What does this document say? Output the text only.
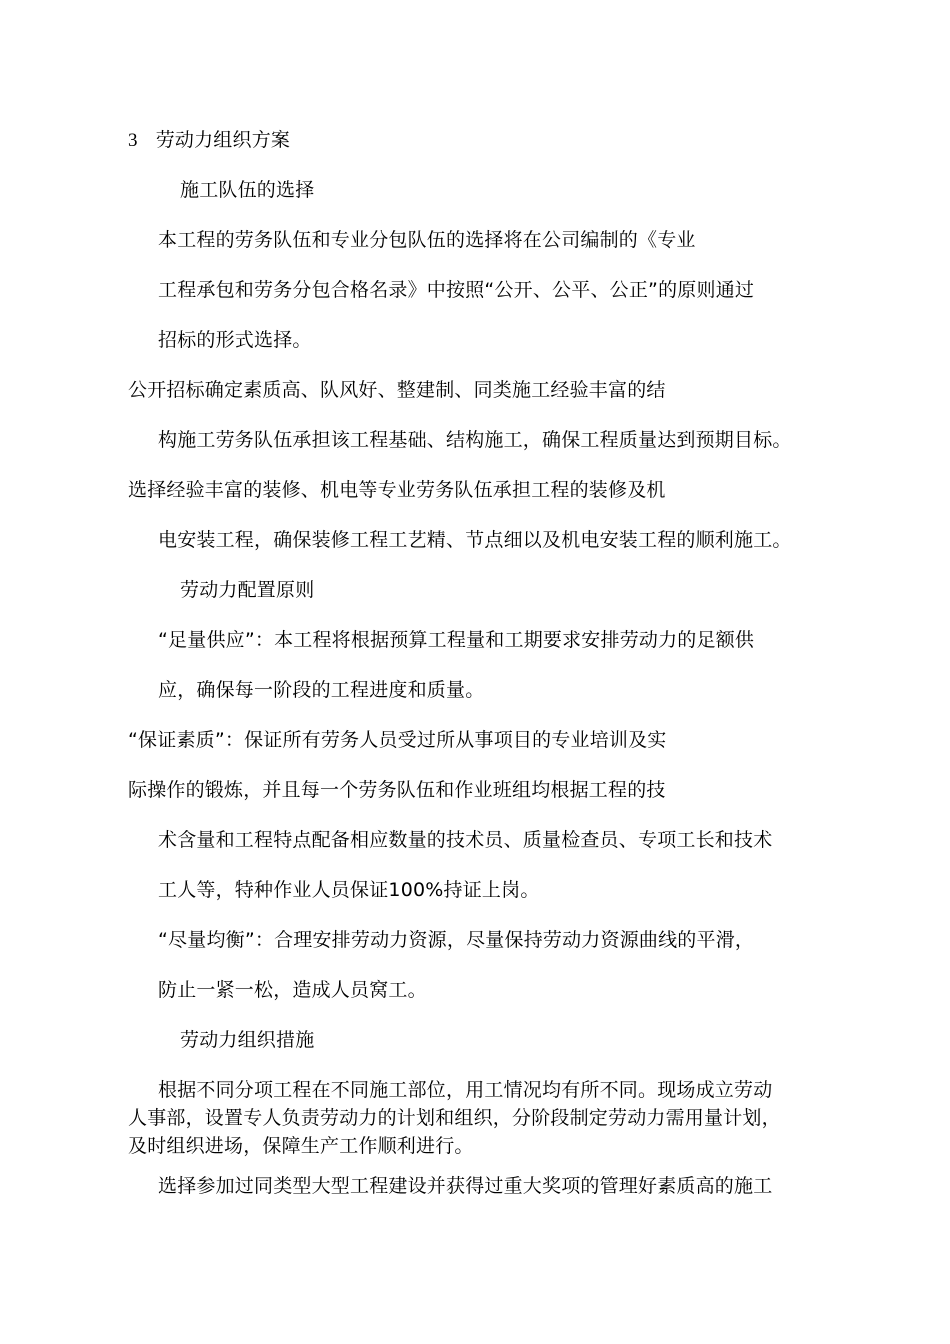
3 劳动力组织方案
施工队伍的选择
本工程的劳务队伍和专业分包队伍的选择将在公司编制的《专业
工程承包和劳务分包合格名录》中按照“公开、公平、公正”的原则通过
招标的形式选择。
公开招标确定素质高、队风好、整建制、同类施工经验丰富的结
构施工劳务队伍承担该工程基础、结构施工，确保工程质量达到预期目标。
选择经验丰富的装修、机电等专业劳务队伍承担工程的装修及机
电安装工程，确保装修工程工艺精、节点细以及机电安装工程的顺利施工。
劳动力配置原则
“足量供应”：本工程将根据预算工程量和工期要求安排劳动力的足额供
应，确保每一阶段的工程进度和质量。
“保证素质”：保证所有劳务人员受过所从事项目的专业培训及实
际操作的锻炼，并且每一个劳务队伍和作业班组均根据工程的技
术含量和工程特点配备相应数量的技术员、质量检查员、专项工长和技术
工人等，特种作业人员保证100%持证上岗。
“尽量均衡”：合理安排劳动力资源，尽量保持劳动力资源曲线的平滑，
防止一紧一松，造成人员窝工。
劳动力组织措施
根据不同分项工程在不同施工部位，用工情况均有所不同。现场成立劳动
人事部，设置专人负责劳动力的计划和组织，分阶段制定劳动力需用量计划，
及时组织进场，保障生产工作顺利进行。
选择参加过同类型大型工程建设并获得过重大奖项的管理好素质高的施工
